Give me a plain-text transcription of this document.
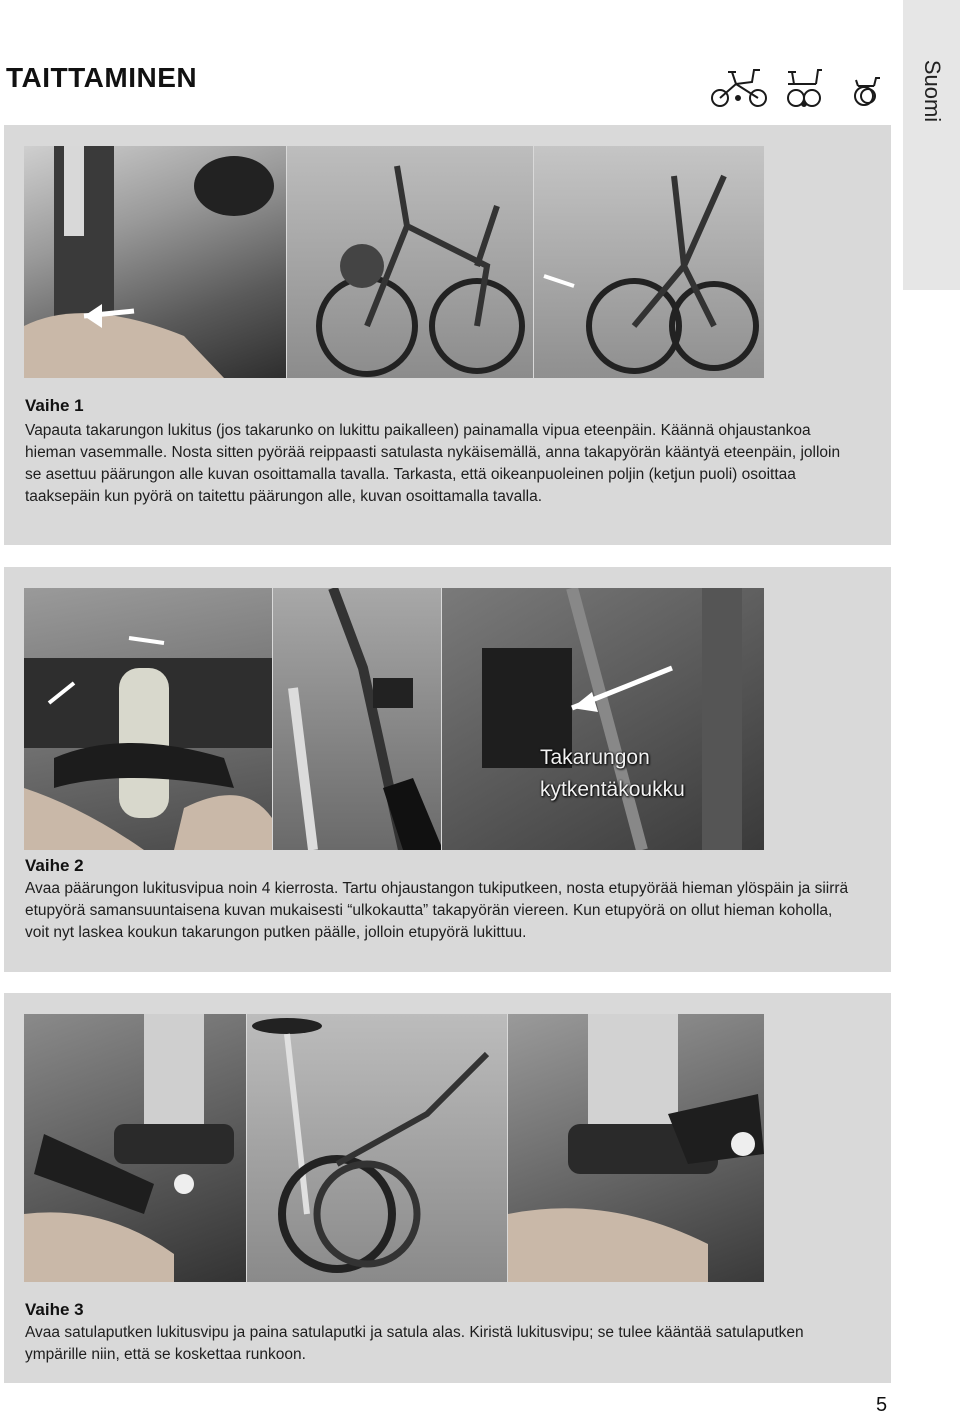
Suomi
TAITTAMINEN
Vaihe 1

Vapauta takarungon lukitus (jos takarunko on lukittu paikalleen) painamalla vipua eteenpäin. Käännä ohjaustankoa hieman vasemmalle. Nosta sitten pyörää reippaasti satulasta nykäisemällä, anna takapyörän kääntyä eteenpäin, jolloin se asettuu päärungon alle kuvan osoittamalla tavalla. Tarkasta, että oikeanpuoleinen poljin (ketjun puoli) osoittaa taaksepäin kun pyörä on taitettu päärungon alle, kuvan osoittamalla tavalla.

Takarungon
kytkentäkoukku
Vaihe 2

Avaa päärungon lukitusvipua noin 4 kierrosta. Tartu ohjaustangon tukiputkeen, nosta etupyörää hieman ylöspäin ja siirrä etupyörä samansuuntaisena kuvan mukaisesti “ulkokautta” takapyörän viereen. Kun etupyörä on ollut hieman koholla, voit nyt laskea koukun takarungon putken päälle, jolloin etupyörä lukittuu.

Vaihe 3

Avaa satulaputken lukitusvipu ja paina satulaputki ja satula alas. Kiristä lukitusvipu; se tulee kääntää satulaputken ympärille niin, että se koskettaa runkoon.

5
